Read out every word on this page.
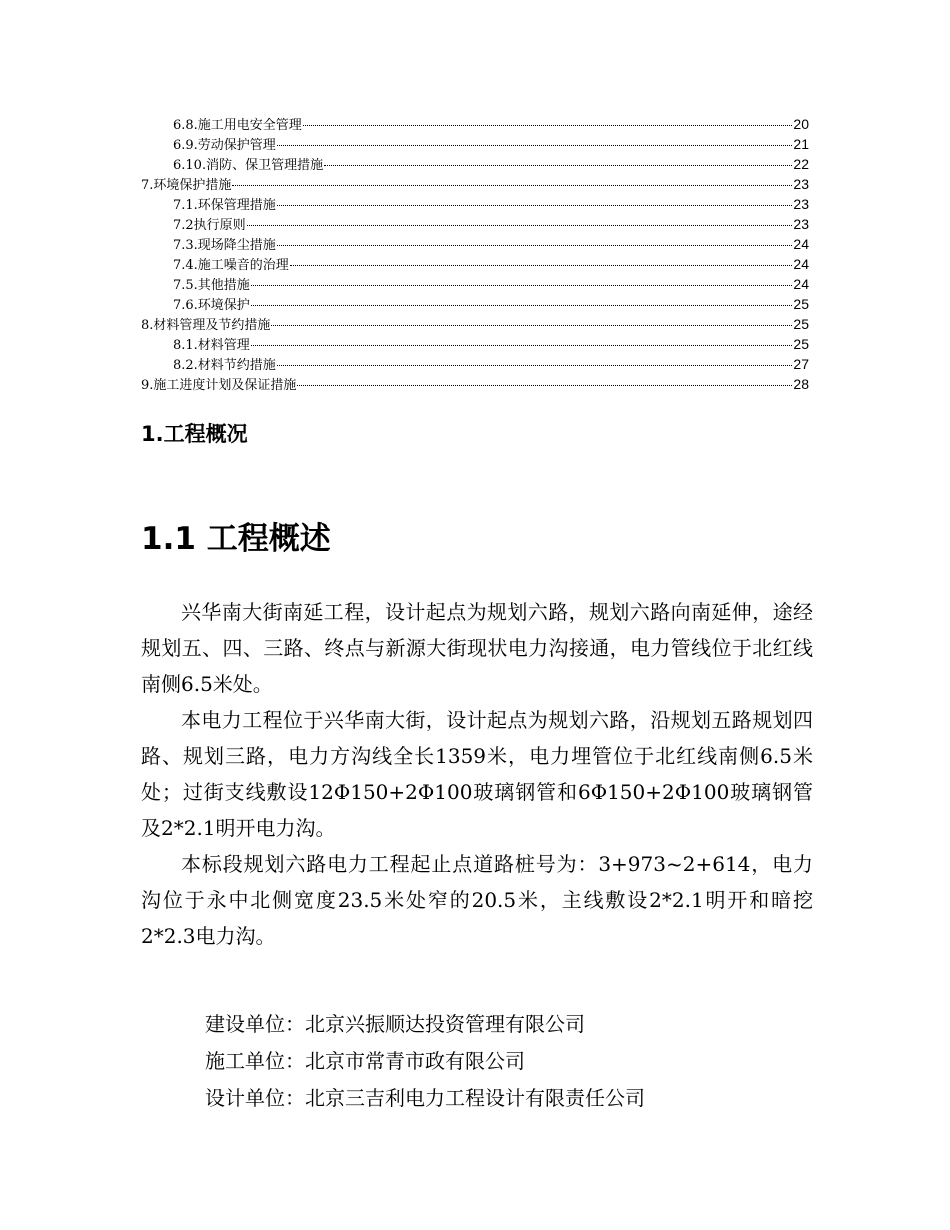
6.8.施工用电安全管理	20
6.9.劳动保护管理	21
6.10.消防、保卫管理措施	22
7.环境保护措施	23
7.1.环保管理措施	23
7.2执行原则	23
7.3.现场降尘措施	24
7.4.施工噪音的治理	24
7.5.其他措施	24
7.6.环境保护	25
8.材料管理及节约措施	25
8.1.材料管理	25
8.2.材料节约措施	27
9.施工进度计划及保证措施	28
1.工程概况
1.1 工程概述

兴华南大街南延工程，设计起点为规划六路，规划六路向南延伸，途经规划五、四、三路、终点与新源大街现状电力沟接通，电力管线位于北红线南侧6.5米处。

本电力工程位于兴华南大街，设计起点为规划六路，沿规划五路规划四路、规划三路，电力方沟线全长1359米，电力埋管位于北红线南侧6.5米处；过街支线敷设12Φ150+2Φ100玻璃钢管和6Φ150+2Φ100玻璃钢管及2*2.1明开电力沟。

本标段规划六路电力工程起止点道路桩号为：3+973~2+614，电力沟位于永中北侧宽度23.5米处窄的20.5米，主线敷设2*2.1明开和暗挖2*2.3电力沟。

建设单位：北京兴振顺达投资管理有限公司
施工单位：北京市常青市政有限公司
设计单位：北京三吉利电力工程设计有限责任公司
